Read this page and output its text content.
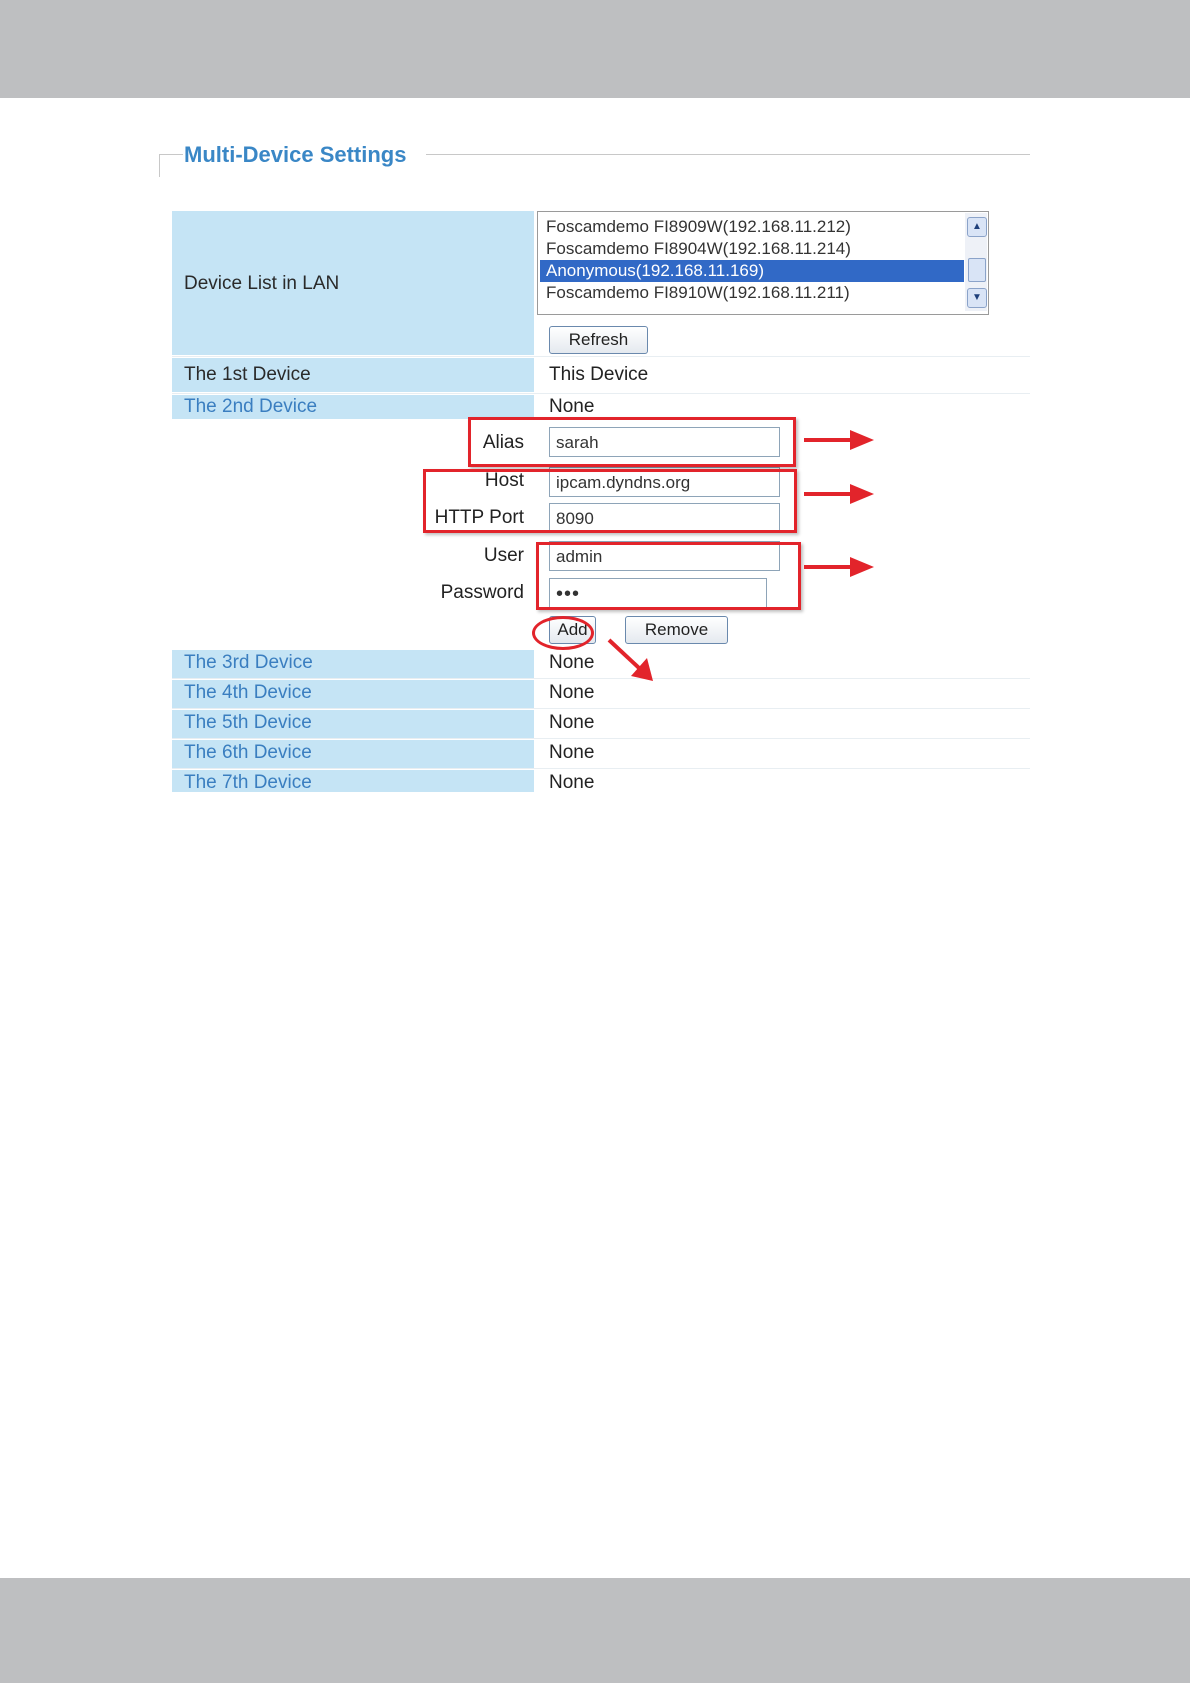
Multi-Device Settings
Device List in LAN
Foscamdemo FI8909W(192.168.11.212)
Foscamdemo FI8904W(192.168.11.214)
Anonymous(192.168.11.169)
Foscamdemo FI8910W(192.168.11.211)
▲
▼
Refresh
The 1st Device	This Device
The 2nd Device	None
Alias	sarah
Host	ipcam.dyndns.org
HTTP Port	8090
User	admin
Password	•••
Add	Remove
The 3rd Device	None
The 4th Device	None
The 5th Device	None
The 6th Device	None
The 7th Device	None
